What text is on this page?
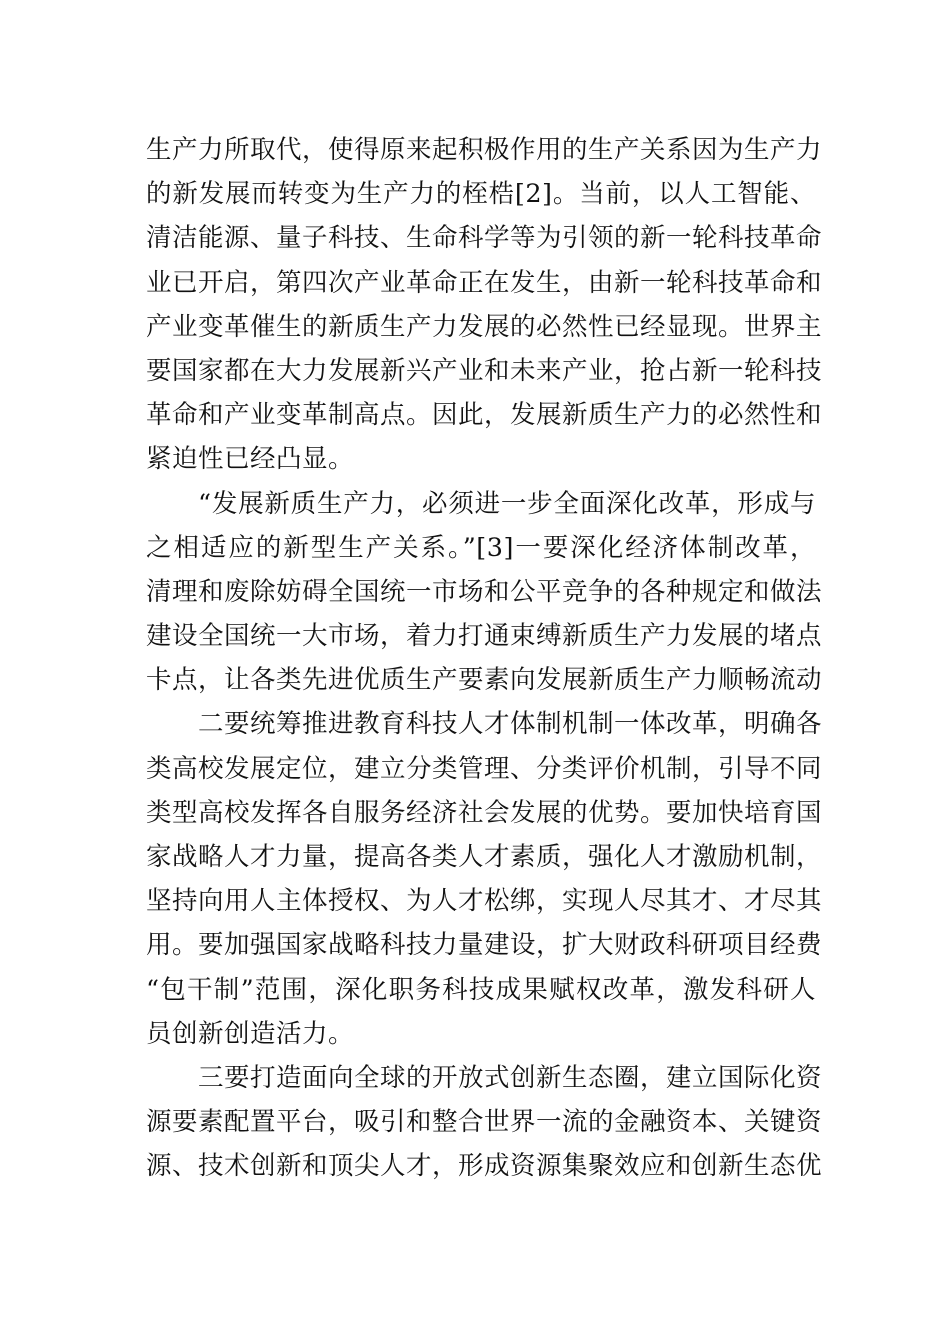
生产力所取代，使得原来起积极作用的生产关系因为生产力
的新发展而转变为生产力的桎梏[2]。当前，以人工智能、
清洁能源、量子科技、生命科学等为引领的新一轮科技革命
业已开启，第四次产业革命正在发生，由新一轮科技革命和
产业变革催生的新质生产力发展的必然性已经显现。世界主
要国家都在大力发展新兴产业和未来产业，抢占新一轮科技
革命和产业变革制高点。因此，发展新质生产力的必然性和
紧迫性已经凸显。
“发展新质生产力，必须进一步全面深化改革，形成与
之相适应的新型生产关系。”[3]一要深化经济体制改革，
清理和废除妨碍全国统一市场和公平竞争的各种规定和做法
建设全国统一大市场，着力打通束缚新质生产力发展的堵点
卡点，让各类先进优质生产要素向发展新质生产力顺畅流动
二要统筹推进教育科技人才体制机制一体改革，明确各
类高校发展定位，建立分类管理、分类评价机制，引导不同
类型高校发挥各自服务经济社会发展的优势。要加快培育国
家战略人才力量，提高各类人才素质，强化人才激励机制，
坚持向用人主体授权、为人才松绑，实现人尽其才、才尽其
用。要加强国家战略科技力量建设，扩大财政科研项目经费
“包干制”范围，深化职务科技成果赋权改革，激发科研人
员创新创造活力。
三要打造面向全球的开放式创新生态圈，建立国际化资
源要素配置平台，吸引和整合世界一流的金融资本、关键资
源、技术创新和顶尖人才，形成资源集聚效应和创新生态优
